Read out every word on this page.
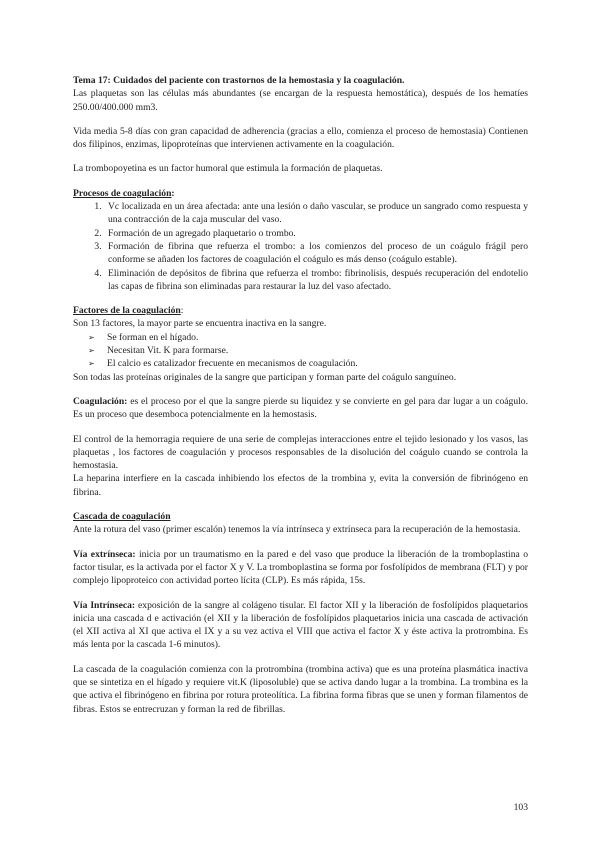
Tema 17: Cuidados del paciente con trastornos de la hemostasia y la coagulación.

Las plaquetas son las células más abundantes (se encargan de la respuesta hemostática), después de los hematíes 250.00/400.000 mm3.

Vida media 5-8 días con gran capacidad de adherencia (gracias a ello, comienza el proceso de hemostasia) Contienen dos filipinos, enzimas, lipoproteínas que intervienen activamente en la coagulación.

La trombopoyetina es un factor humoral que estimula la formación de plaquetas.

Procesos de coagulación:

1. Vc localizada en un área afectada: ante una lesión o daño vascular, se produce un sangrado como respuesta y una contracción de la caja muscular del vaso.
2. Formación de un agregado plaquetario o trombo.
3. Formación de fibrina que refuerza el trombo: a los comienzos del proceso de un coágulo frágil pero conforme se añaden los factores de coagulación el coágulo es más denso (coágulo estable).
4. Eliminación de depósitos de fibrina que refuerza el trombo: fibrinolisis, después recuperación del endotelio las capas de fibrina son eliminadas para restaurar la luz del vaso afectado.

Factores de la coagulación:

Son 13 factores, la mayor parte se encuentra inactiva en la sangre.

➢ Se forman en el hígado.
➢ Necesitan Vit. K para formarse.
➢ El calcio es catalizador frecuente en mecanismos de coagulación.

Son todas las proteínas originales de la sangre que participan y forman parte del coágulo sanguíneo.

Coagulación: es el proceso por el que la sangre pierde su liquidez y se convierte en gel para dar lugar a un coágulo. Es un proceso que desemboca potencialmente en la hemostasis.

El control de la hemorragia requiere de una serie de complejas interacciones entre el tejido lesionado y los vasos, las plaquetas , los factores de coagulación y procesos responsables de la disolución del coágulo cuando se controla la hemostasia.

La heparina interfiere en la cascada inhibiendo los efectos de la trombina y, evita la conversión de fibrinógeno en fibrina.

Cascada de coagulación

Ante la rotura del vaso (primer escalón) tenemos la vía intrínseca y extrínseca para la recuperación de la hemostasia.

Vía extrínseca: inicia por un traumatismo en la pared e del vaso que produce la liberación de la tromboplastina o factor tisular, es la activada por el factor X y V. La tromboplastina se forma por fosfolípidos de membrana (FLT) y por complejo lipoproteico con actividad porteo lícita (CLP). Es más rápida, 15s.

Vía Intrínseca: exposición de la sangre al colágeno tisular. El factor XII y la liberación de fosfolípidos plaquetarios inicia una cascada d e activación (el XII y la liberación de fosfolípidos plaquetarios inicia una cascada de activación (el XII activa al XI que activa el IX y a su vez activa el VIII que activa el factor X y éste activa la protrombina. Es más lenta por la cascada 1-6 minutos).

La cascada de la coagulación comienza con la protrombina (trombina activa) que es una proteína plasmática inactiva que se sintetiza en el hígado y requiere vit.K (liposoluble) que se activa dando lugar a la trombina. La trombina es la que activa el fibrinógeno en fibrina por rotura proteolítica. La fibrina forma fibras que se unen y forman filamentos de fibras. Estos se entrecruzan y forman la red de fibrillas.

103
